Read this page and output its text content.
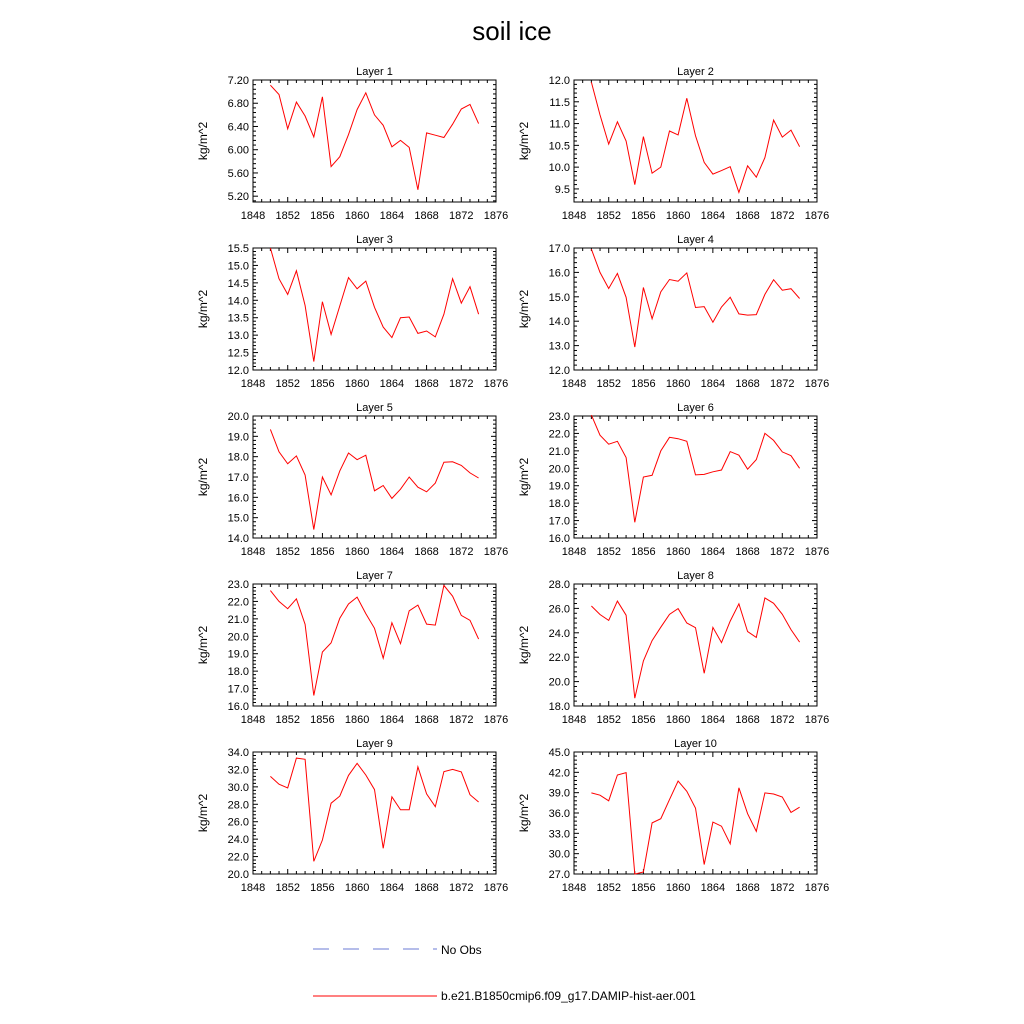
soil ice
No Obs
b.e21.B1850cmip6.f09_g17.DAMIP-hist-aer.001
Layer 1
kg/m^2
1848 1852 1856 1860 1864 1868 1872 1876
5.20
5.60
6.00
6.40
6.80
7.20
Layer 2
kg/m^2
1848 1852 1856 1860 1864 1868 1872 1876
9.5
10.0
10.5
11.0
11.5
12.0
Layer 3
kg/m^2
1848 1852 1856 1860 1864 1868 1872 1876
12.0
12.5
13.0
13.5
14.0
14.5
15.0
15.5
Layer 4
kg/m^2
1848 1852 1856 1860 1864 1868 1872 1876
12.0
13.0
14.0
15.0
16.0
17.0
Layer 5
kg/m^2
1848 1852 1856 1860 1864 1868 1872 1876
14.0
15.0
16.0
17.0
18.0
19.0
20.0
Layer 6
kg/m^2
1848 1852 1856 1860 1864 1868 1872 1876
16.0
17.0
18.0
19.0
20.0
21.0
22.0
23.0
Layer 7
kg/m^2
1848 1852 1856 1860 1864 1868 1872 1876
16.0
17.0
18.0
19.0
20.0
21.0
22.0
23.0
Layer 8
kg/m^2
1848 1852 1856 1860 1864 1868 1872 1876
18.0
20.0
22.0
24.0
26.0
28.0
Layer 9
kg/m^2
1848 1852 1856 1860 1864 1868 1872 1876
20.0
22.0
24.0
26.0
28.0
30.0
32.0
34.0
Layer 10
kg/m^2
1848 1852 1856 1860 1864 1868 1872 1876
27.0
30.0
33.0
36.0
39.0
42.0
45.0
